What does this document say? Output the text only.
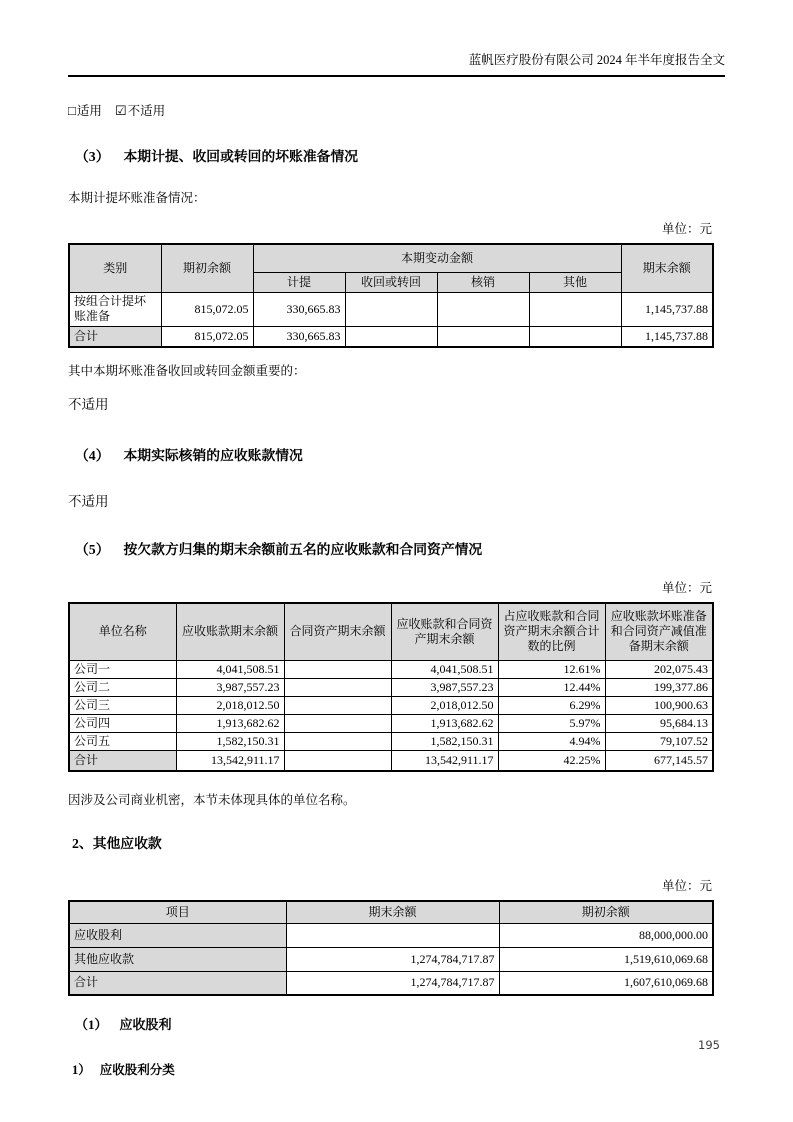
蓝帆医疗股份有限公司 2024 年半年度报告全文
□适用 ☑不适用
（3） 本期计提、收回或转回的坏账准备情况
本期计提坏账准备情况：
单位：元
类别	期初余额	本期变动金额				期末余额
		计提	收回或转回	核销	其他	
按组合计提坏账准备	815,072.05	330,665.83				1,145,737.88
合计	815,072.05	330,665.83				1,145,737.88
其中本期坏账准备收回或转回金额重要的：
不适用
（4） 本期实际核销的应收账款情况
不适用
（5） 按欠款方归集的期末余额前五名的应收账款和合同资产情况
单位：元
单位名称	应收账款期末余额	合同资产期末余额	应收账款和合同资产期末余额	占应收账款和合同资产期末余额合计数的比例	应收账款坏账准备和合同资产减值准备期末余额
公司一	4,041,508.51		4,041,508.51	12.61%	202,075.43
公司二	3,987,557.23		3,987,557.23	12.44%	199,377.86
公司三	2,018,012.50		2,018,012.50	6.29%	100,900.63
公司四	1,913,682.62		1,913,682.62	5.97%	95,684.13
公司五	1,582,150.31		1,582,150.31	4.94%	79,107.52
合计	13,542,911.17		13,542,911.17	42.25%	677,145.57
因涉及公司商业机密，本节未体现具体的单位名称。
2、其他应收款
单位：元
项目	期末余额	期初余额
应收股利		88,000,000.00
其他应收款	1,274,784,717.87	1,519,610,069.68
合计	1,274,784,717.87	1,607,610,069.68
（1） 应收股利
1） 应收股利分类
195
